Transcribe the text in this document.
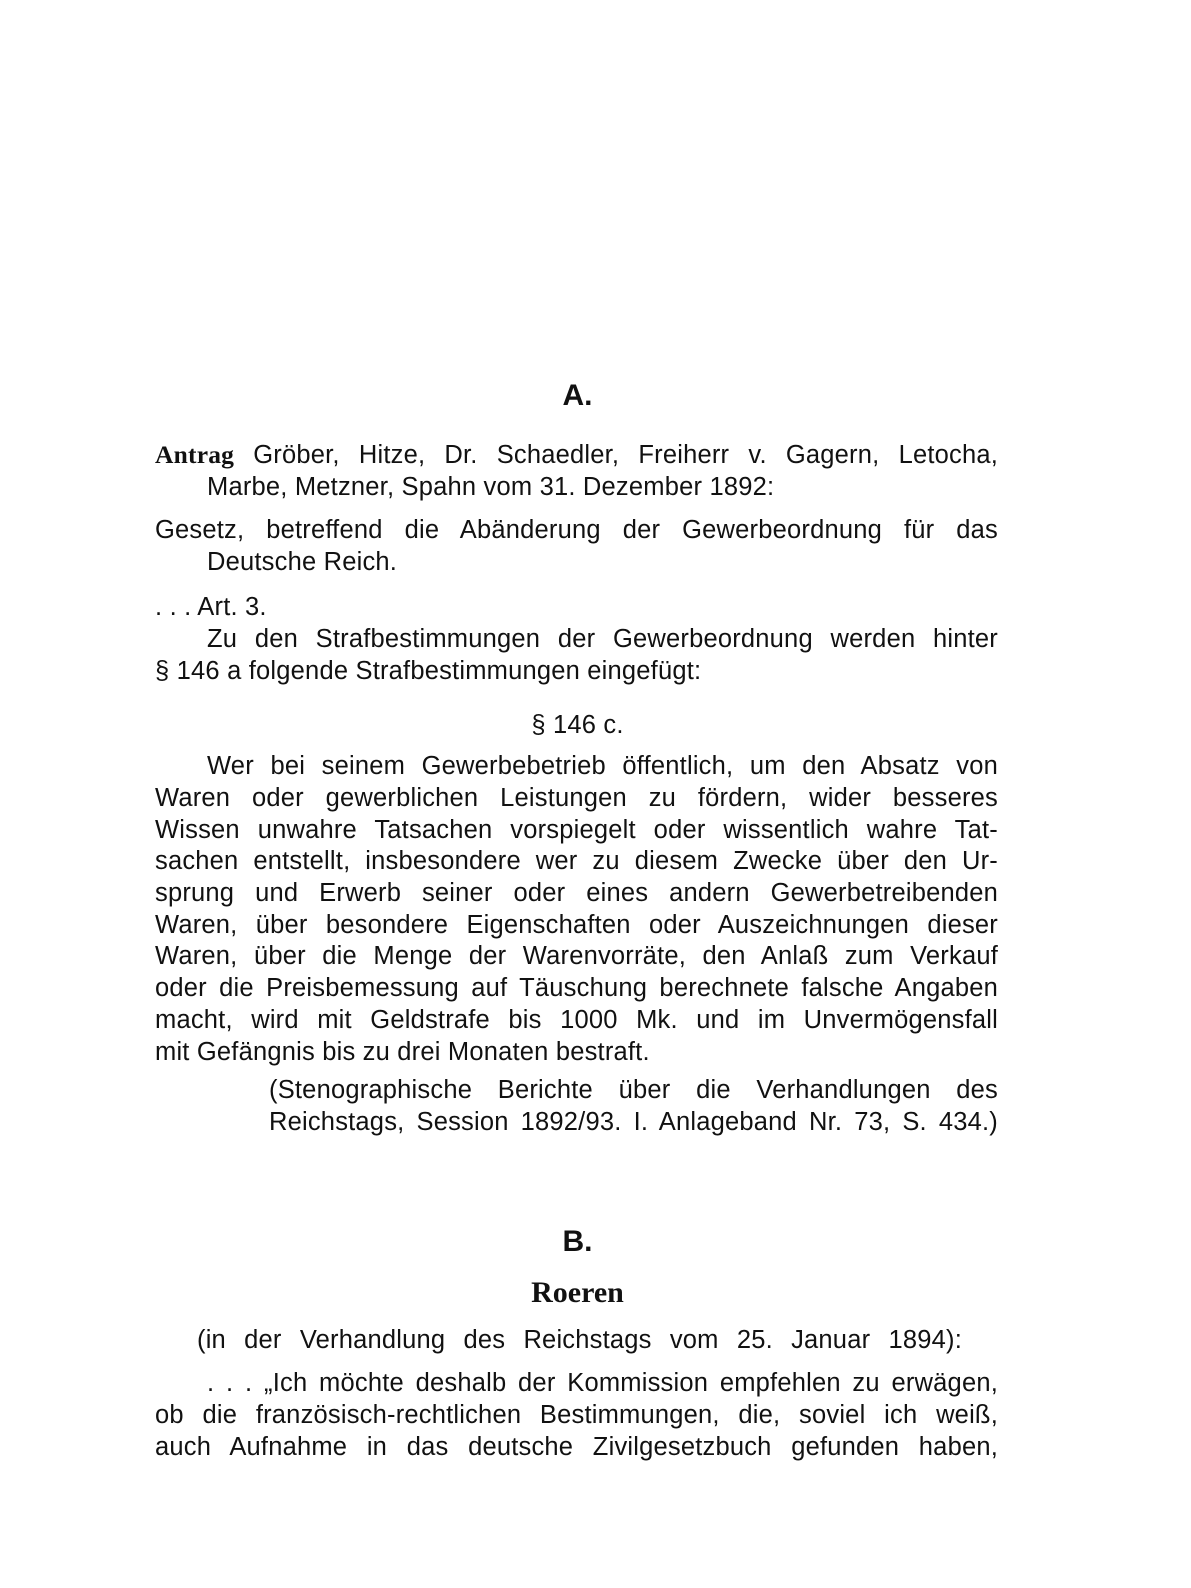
A.
Antrag Gröber, Hitze, Dr. Schaedler, Freiherr v. Gagern, Letocha,
Marbe, Metzner, Spahn vom 31. Dezember 1892:
Gesetz, betreffend die Abänderung der Gewerbeordnung für das
Deutsche Reich.
. . . Art. 3.
Zu den Strafbestimmungen der Gewerbeordnung werden hinter
§ 146 a folgende Strafbestimmungen eingefügt:
§ 146 c.
Wer bei seinem Gewerbebetrieb öffentlich, um den Absatz von
Waren oder gewerblichen Leistungen zu fördern, wider besseres
Wissen unwahre Tatsachen vorspiegelt oder wissentlich wahre Tat-
sachen entstellt, insbesondere wer zu diesem Zwecke über den Ur-
sprung und Erwerb seiner oder eines andern Gewerbetreibenden
Waren, über besondere Eigenschaften oder Auszeichnungen dieser
Waren, über die Menge der Warenvorräte, den Anlaß zum Verkauf
oder die Preisbemessung auf Täuschung berechnete falsche Angaben
macht, wird mit Geldstrafe bis 1000 Mk. und im Unvermögensfall
mit Gefängnis bis zu drei Monaten bestraft.
(Stenographische Berichte über die Verhandlungen des
Reichstags, Session 1892/93. I. Anlageband Nr. 73, S. 434.)
B.
Roeren
(in der Verhandlung des Reichstags vom 25. Januar 1894):
. . . „Ich möchte deshalb der Kommission empfehlen zu erwägen,
ob die französisch-rechtlichen Bestimmungen, die, soviel ich weiß,
auch Aufnahme in das deutsche Zivilgesetzbuch gefunden haben,
